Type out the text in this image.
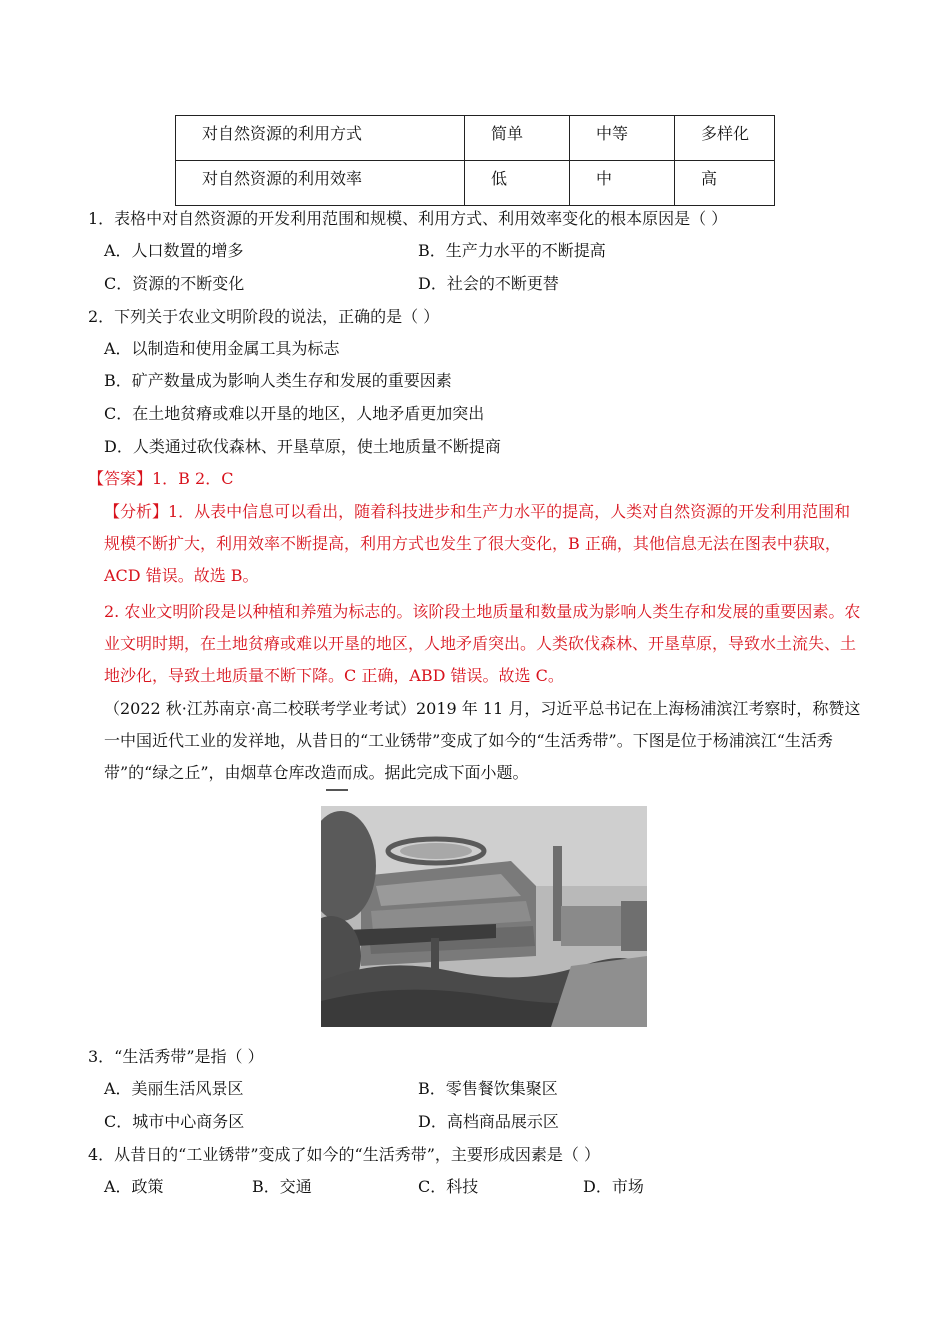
对自然资源的利用方式	简单	中等	多样化
对自然资源的利用效率	低	中	高
1．表格中对自然资源的开发利用范围和规模、利用方式、利用效率变化的根本原因是（ ）
A．人口数置的增多	B．生产力水平的不断提高
C．资源的不断变化	D．社会的不断更替
2．下列关于农业文明阶段的说法，正确的是（ ）
A．以制造和使用金属工具为标志
B．矿产数量成为影响人类生存和发展的重要因素
C．在土地贫瘠或难以开垦的地区，人地矛盾更加突出
D．人类通过砍伐森林、开垦草原，使土地质量不断提商
【答案】1．B 2．C
【分析】1．从表中信息可以看出，随着科技进步和生产力水平的提高，人类对自然资源的开发利用范围和规模不断扩大，利用效率不断提高，利用方式也发生了很大变化，B 正确，其他信息无法在图表中获取，ACD 错误。故选 B。
2. 农业文明阶段是以种植和养殖为标志的。该阶段土地质量和数量成为影响人类生存和发展的重要因素。农业文明时期，在土地贫瘠或难以开垦的地区，人地矛盾突出。人类砍伐森林、开垦草原，导致水土流失、土地沙化，导致土地质量不断下降。C 正确，ABD 错误。故选 C。
（2022 秋·江苏南京·高二校联考学业考试）2019 年 11 月，习近平总书记在上海杨浦滨江考察时，称赞这一中国近代工业的发祥地，从昔日的“工业锈带”变成了如今的“生活秀带”。下图是位于杨浦滨江“生活秀带”的“绿之丘”，由烟草仓库改造而成。据此完成下面小题。
3．“生活秀带”是指（ ）
A．美丽生活风景区	B．零售餐饮集聚区
C．城市中心商务区	D．高档商品展示区
4．从昔日的“工业锈带”变成了如今的“生活秀带”，主要形成因素是（ ）
A．政策	B．交通	C．科技	D．市场
